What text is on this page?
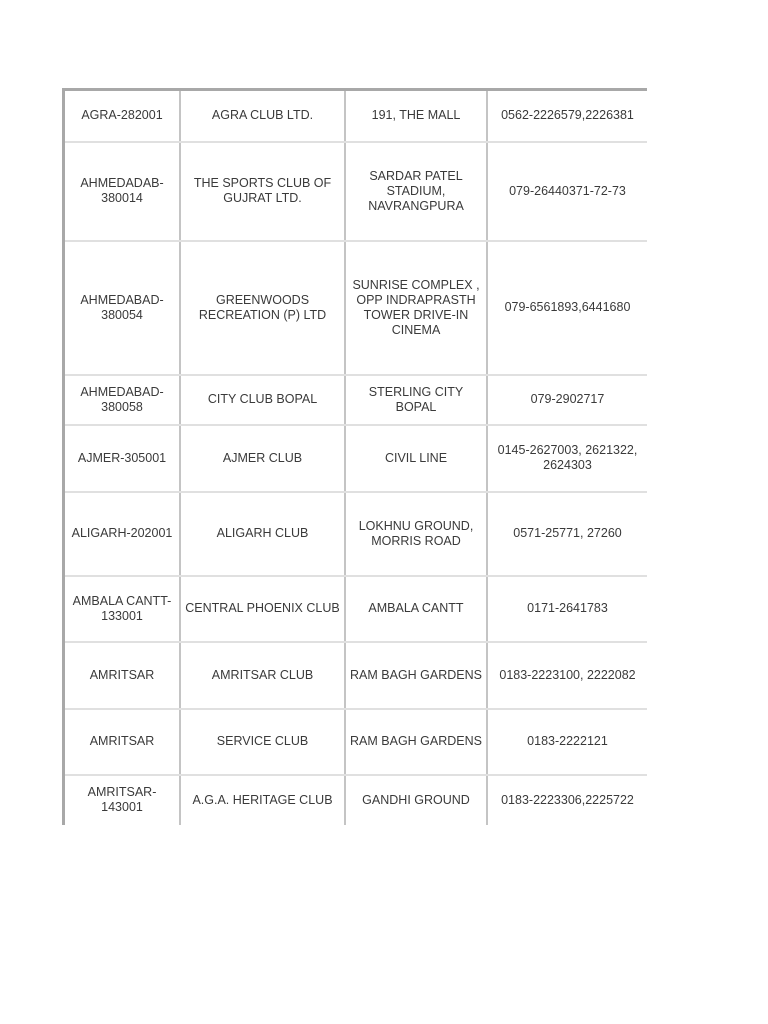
AGRA-282001	AGRA CLUB LTD.	191, THE MALL	0562-2226579,2226381
AHMEDADAB-380014	THE SPORTS CLUB OF GUJRAT LTD.	SARDAR PATEL STADIUM, NAVRANGPURA	079-26440371-72-73
AHMEDABAD-380054	GREENWOODS RECREATION (P) LTD	SUNRISE COMPLEX , OPP INDRAPRASTH TOWER DRIVE-IN CINEMA	079-6561893,6441680
AHMEDABAD-380058	CITY CLUB BOPAL	STERLING CITY BOPAL	079-2902717
AJMER-305001	AJMER CLUB	CIVIL LINE	0145-2627003, 2621322, 2624303
ALIGARH-202001	ALIGARH CLUB	LOKHNU GROUND, MORRIS ROAD	0571-25771, 27260
AMBALA CANTT-133001	CENTRAL PHOENIX CLUB	AMBALA CANTT	0171-2641783
AMRITSAR	AMRITSAR CLUB	RAM BAGH GARDENS	0183-2223100, 2222082
AMRITSAR	SERVICE CLUB	RAM BAGH GARDENS	0183-2222121
AMRITSAR-143001	A.G.A. HERITAGE CLUB	GANDHI GROUND	0183-2223306,2225722
